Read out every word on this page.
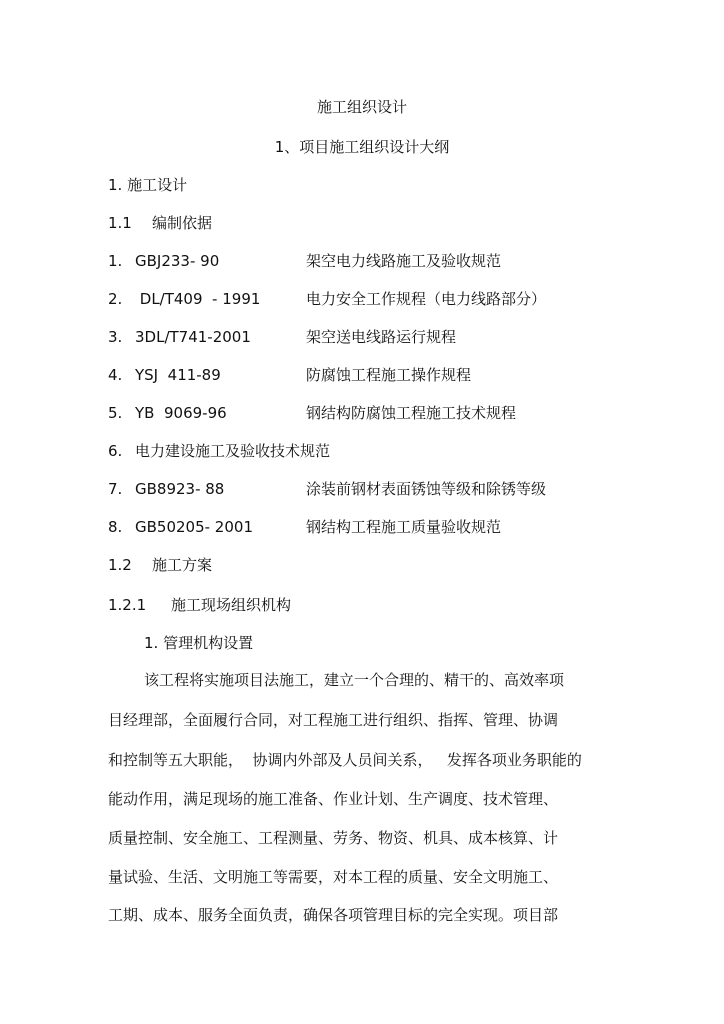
施工组织设计
1、项目施工组织设计大纲
1. 施工设计
1.1 编制依据
1. GBJ233- 90	架空电力线路施工及验收规范
2. DL/T409  - 1991	电力安全工作规程（电力线路部分）
3. 3DL/T741-2001	架空送电线路运行规程
4. YSJ  411-89	防腐蚀工程施工操作规程
5. YB  9069-96	钢结构防腐蚀工程施工技术规程
6. 电力建设施工及验收技术规范
7. GB8923- 88	涂装前钢材表面锈蚀等级和除锈等级
8. GB50205- 2001	钢结构工程施工质量验收规范
1.2 施工方案
1.2.1 施工现场组织机构
1. 管理机构设置
该工程将实施项目法施工，建立一个合理的、精干的、高效率项
目经理部，全面履行合同，对工程施工进行组织、指挥、管理、协调
和控制等五大职能，  协调内外部及人员间关系，   发挥各项业务职能的
能动作用，满足现场的施工准备、作业计划、生产调度、技术管理、
质量控制、安全施工、工程测量、劳务、物资、机具、成本核算、计
量试验、生活、文明施工等需要，对本工程的质量、安全文明施工、
工期、成本、服务全面负责，确保各项管理目标的完全实现。项目部
